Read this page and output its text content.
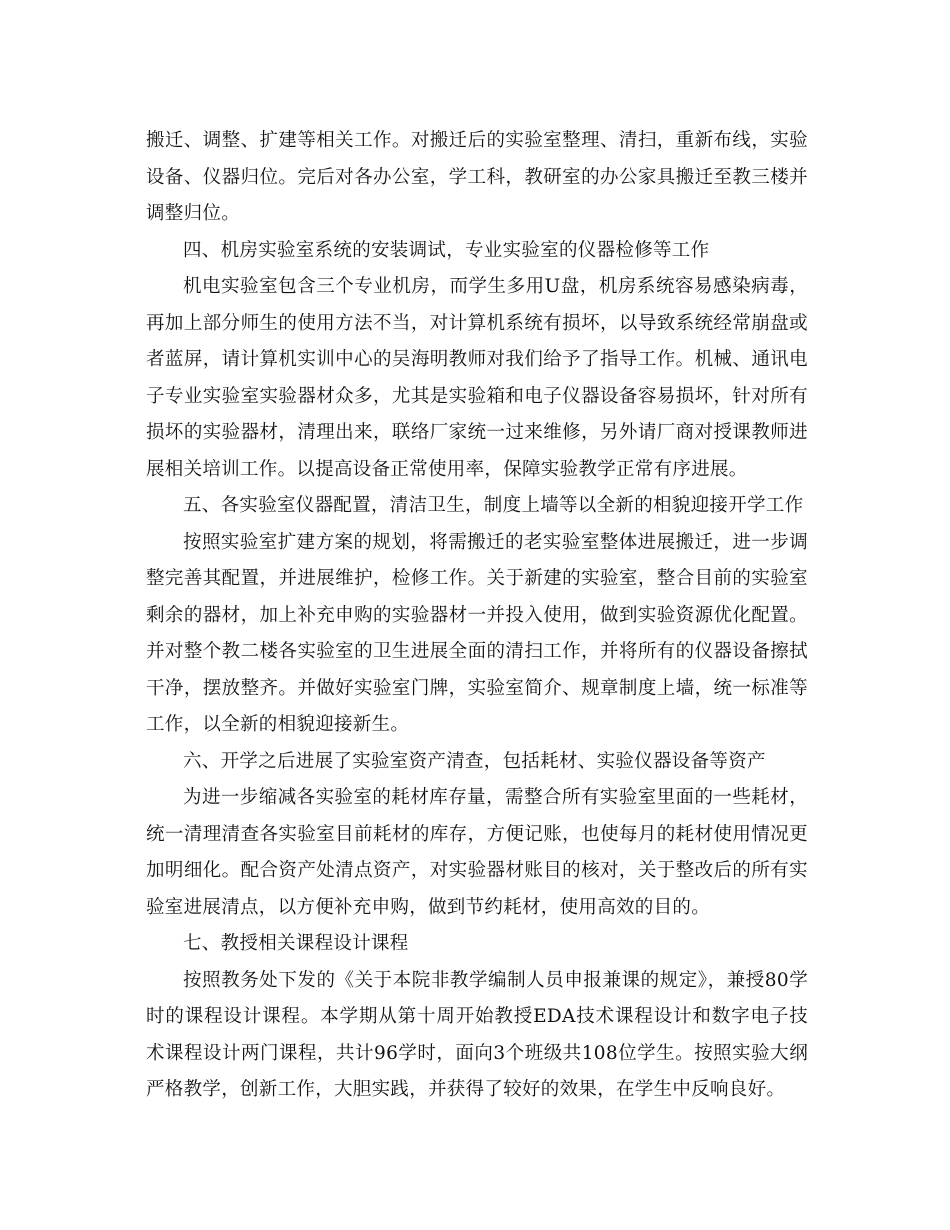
搬迁、调整、扩建等相关工作。对搬迁后的实验室整理、清扫，重新布线，实验设备、仪器归位。完后对各办公室，学工科，教研室的办公家具搬迁至教三楼并调整归位。

四、机房实验室系统的安装调试，专业实验室的仪器检修等工作

机电实验室包含三个专业机房，而学生多用U盘，机房系统容易感染病毒，再加上部分师生的使用方法不当，对计算机系统有损坏，以导致系统经常崩盘或者蓝屏，请计算机实训中心的吴海明教师对我们给予了指导工作。机械、通讯电子专业实验室实验器材众多，尤其是实验箱和电子仪器设备容易损坏，针对所有损坏的实验器材，清理出来，联络厂家统一过来维修，另外请厂商对授课教师进展相关培训工作。以提高设备正常使用率，保障实验教学正常有序进展。

五、各实验室仪器配置，清洁卫生，制度上墙等以全新的相貌迎接开学工作

按照实验室扩建方案的规划，将需搬迁的老实验室整体进展搬迁，进一步调整完善其配置，并进展维护，检修工作。关于新建的实验室，整合目前的实验室剩余的器材，加上补充申购的实验器材一并投入使用，做到实验资源优化配置。并对整个教二楼各实验室的卫生进展全面的清扫工作，并将所有的仪器设备擦拭干净，摆放整齐。并做好实验室门牌，实验室简介、规章制度上墙，统一标准等工作，以全新的相貌迎接新生。

六、开学之后进展了实验室资产清查，包括耗材、实验仪器设备等资产

为进一步缩减各实验室的耗材库存量，需整合所有实验室里面的一些耗材，统一清理清查各实验室目前耗材的库存，方便记账，也使每月的耗材使用情况更加明细化。配合资产处清点资产，对实验器材账目的核对，关于整改后的所有实验室进展清点，以方便补充申购，做到节约耗材，使用高效的目的。

七、教授相关课程设计课程

按照教务处下发的《关于本院非教学编制人员申报兼课的规定》，兼授80学时的课程设计课程。本学期从第十周开始教授EDA技术课程设计和数字电子技术课程设计两门课程，共计96学时，面向3个班级共108位学生。按照实验大纲严格教学，创新工作，大胆实践，并获得了较好的效果，在学生中反响良好。
